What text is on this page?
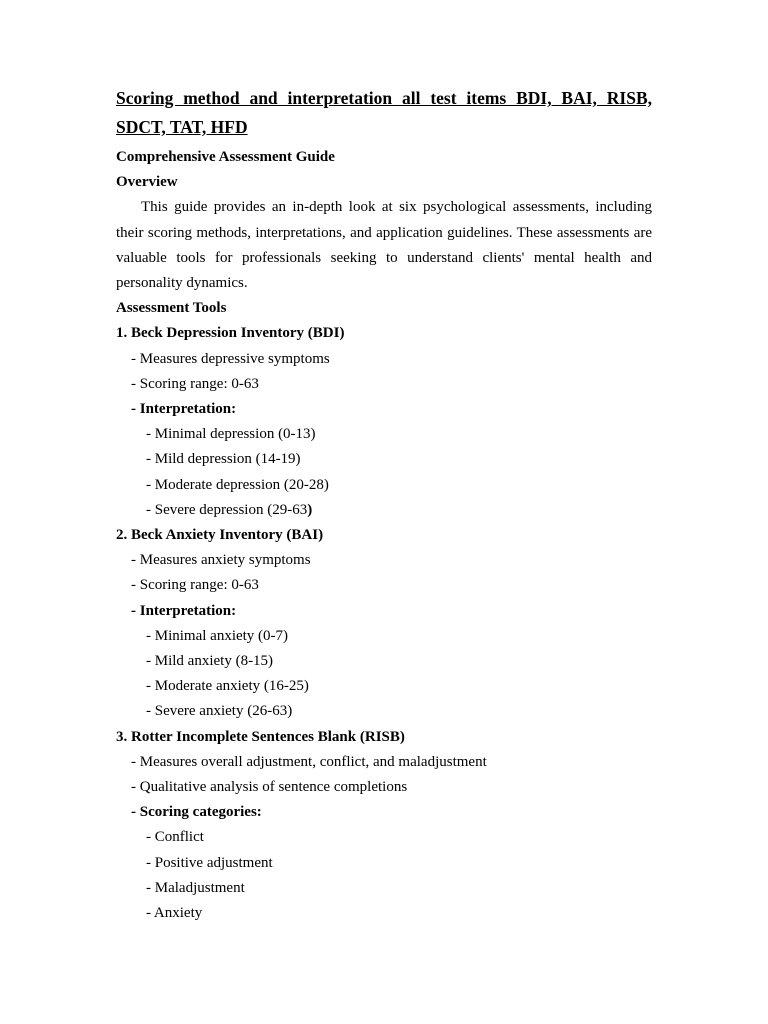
Scoring method and interpretation all test items BDI, BAI, RISB, SDCT, TAT, HFD
Comprehensive Assessment Guide
Overview
This guide provides an in-depth look at six psychological assessments, including their scoring methods, interpretations, and application guidelines. These assessments are valuable tools for professionals seeking to understand clients' mental health and personality dynamics.
Assessment Tools
1. Beck Depression Inventory (BDI)
- Measures depressive symptoms
- Scoring range: 0-63
- Interpretation:
- Minimal depression (0-13)
- Mild depression (14-19)
- Moderate depression (20-28)
- Severe depression (29-63)
2. Beck Anxiety Inventory (BAI)
- Measures anxiety symptoms
- Scoring range: 0-63
- Interpretation:
- Minimal anxiety (0-7)
- Mild anxiety (8-15)
- Moderate anxiety (16-25)
- Severe anxiety (26-63)
3. Rotter Incomplete Sentences Blank (RISB)
- Measures overall adjustment, conflict, and maladjustment
- Qualitative analysis of sentence completions
- Scoring categories:
- Conflict
- Positive adjustment
- Maladjustment
- Anxiety
